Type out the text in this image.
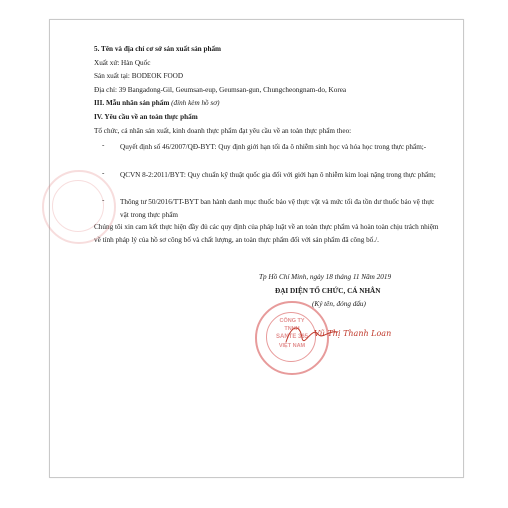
5. Tên và địa chỉ cơ sở sản xuất sản phẩm
Xuất xứ: Hàn Quốc
Sản xuất tại: BODEOK FOOD
Địa chỉ: 39 Bangadong-Gil, Geumsan-eup, Geumsan-gun, Chungcheongnam-do, Korea
III. Mẫu nhãn sản phẩm (đính kèm hồ sơ)
IV. Yêu cầu về an toàn thực phẩm
Tổ chức, cá nhân sản xuất, kinh doanh thực phẩm đạt yêu cầu về an toàn thực phẩm theo:
- Quyết định số 46/2007/QĐ-BYT: Quy định giới hạn tối đa ô nhiễm sinh học và hóa học trong thực phẩm;-
- QCVN 8-2:2011/BYT: Quy chuẩn kỹ thuật quốc gia đối với giới hạn ô nhiễm kim loại nặng trong thực phẩm;
- Thông tư 50/2016/TT-BYT ban hành danh mục thuốc bảo vệ thực vật và mức tối đa tồn dư thuốc bảo vệ thực vật trong thực phẩm
Chúng tôi xin cam kết thực hiện đầy đủ các quy định của pháp luật về an toàn thực phẩm và hoàn toàn chịu trách nhiệm về tính pháp lý của hồ sơ công bố và chất lượng, an toàn thực phẩm đối với sản phẩm đã công bố./.
Tp Hồ Chí Minh, ngày 18 tháng 11 Năm 2019
ĐẠI DIỆN TỔ CHỨC, CÁ NHÂN
(Ký tên, đóng dấu)
CÔNG TY
TNHH
SANTE 365
VIỆT NAM
Vũ Thị Thanh Loan
